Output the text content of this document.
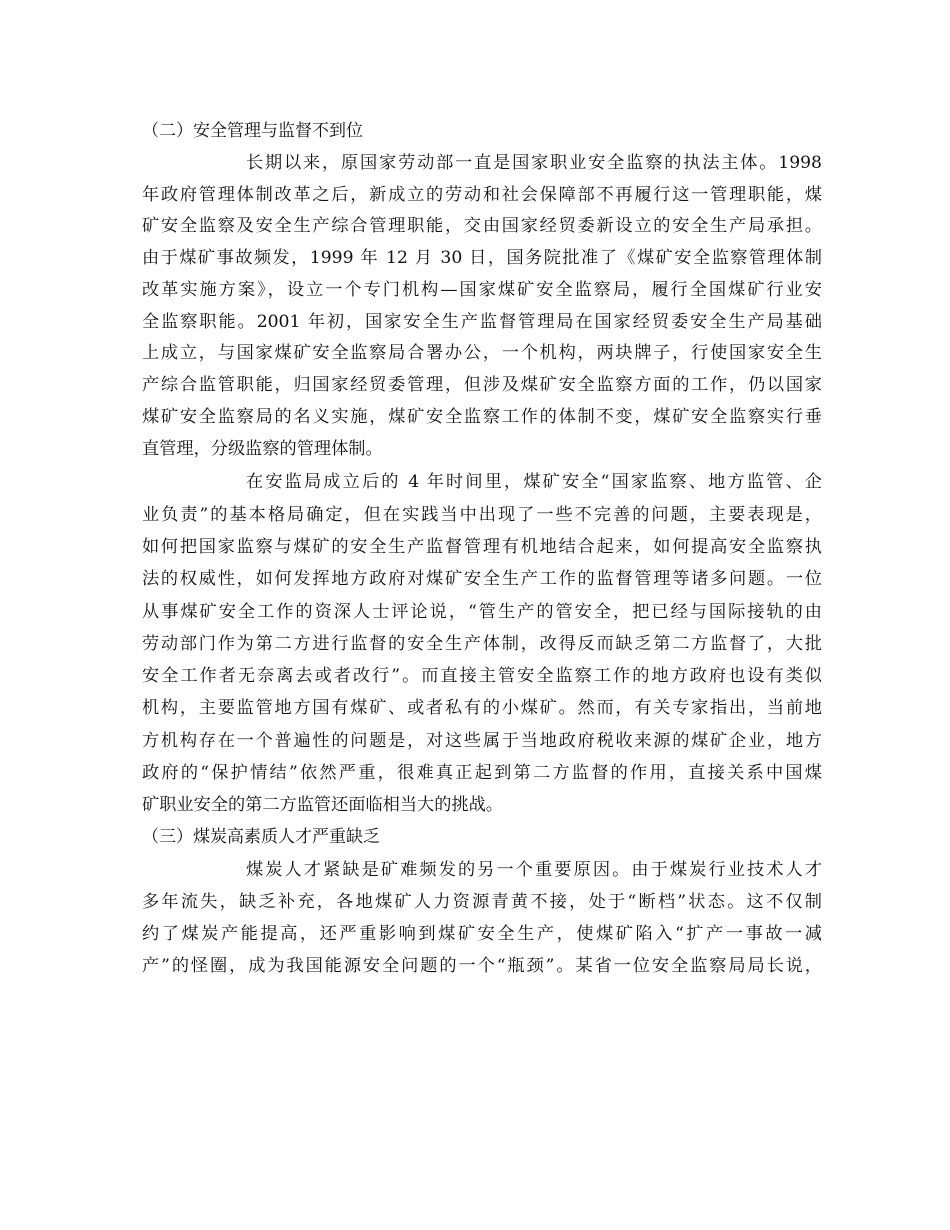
（二）安全管理与监督不到位
长期以来，原国家劳动部一直是国家职业安全监察的执法主体。1998
年政府管理体制改革之后，新成立的劳动和社会保障部不再履行这一管理职能，煤
矿安全监察及安全生产综合管理职能，交由国家经贸委新设立的安全生产局承担。
由于煤矿事故频发，1999 年 12 月 30 日，国务院批准了《煤矿安全监察管理体制
改革实施方案》，设立一个专门机构—国家煤矿安全监察局，履行全国煤矿行业安
全监察职能。2001 年初，国家安全生产监督管理局在国家经贸委安全生产局基础
上成立，与国家煤矿安全监察局合署办公，一个机构，两块牌子，行使国家安全生
产综合监管职能，归国家经贸委管理，但涉及煤矿安全监察方面的工作，仍以国家
煤矿安全监察局的名义实施，煤矿安全监察工作的体制不变，煤矿安全监察实行垂
直管理，分级监察的管理体制。
在安监局成立后的 4 年时间里，煤矿安全“国家监察、地方监管、企
业负责”的基本格局确定，但在实践当中出现了一些不完善的问题，主要表现是，
如何把国家监察与煤矿的安全生产监督管理有机地结合起来，如何提高安全监察执
法的权威性，如何发挥地方政府对煤矿安全生产工作的监督管理等诸多问题。一位
从事煤矿安全工作的资深人士评论说，“管生产的管安全，把已经与国际接轨的由
劳动部门作为第二方进行监督的安全生产体制，改得反而缺乏第二方监督了，大批
安全工作者无奈离去或者改行”。而直接主管安全监察工作的地方政府也设有类似
机构，主要监管地方国有煤矿、或者私有的小煤矿。然而，有关专家指出，当前地
方机构存在一个普遍性的问题是，对这些属于当地政府税收来源的煤矿企业，地方
政府的“保护情结”依然严重，很难真正起到第二方监督的作用，直接关系中国煤
矿职业安全的第二方监管还面临相当大的挑战。
（三）煤炭高素质人才严重缺乏
煤炭人才紧缺是矿难频发的另一个重要原因。由于煤炭行业技术人才
多年流失，缺乏补充，各地煤矿人力资源青黄不接，处于“断档”状态。这不仅制
约了煤炭产能提高，还严重影响到煤矿安全生产，使煤矿陷入“扩产一事故一减
产”的怪圈，成为我国能源安全问题的一个“瓶颈”。某省一位安全监察局局长说，
